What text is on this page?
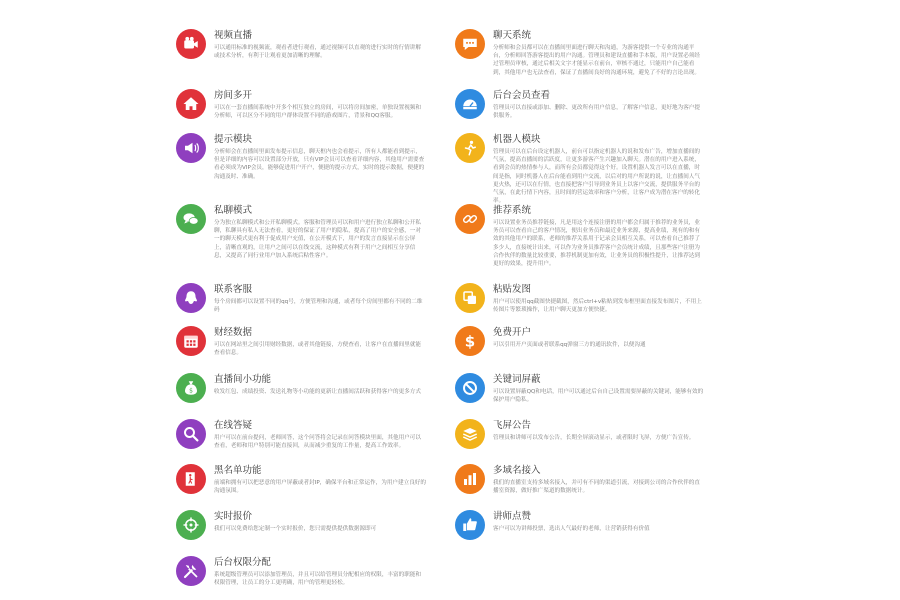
视频直播
可以通用标准的视频流，观看者进行观看，通过视频可以直观的进行实时的行情讲解或技术分析，有利于让观看更加清晰的理解。
房间多开
可以在一套直播间系统中开多个相互独立的房间，可以将房间加密，单独设置视频和分析师，可以区分不同的用户群体设置不同的游戏图片，背景和QQ客服。
提示模块
分析师会在直播间里面发布提示信息，聊天框内也会看提示，所有人都能看到提示，但是详细的内容可以设置部分开放，只有VIP会员可以查看详细内容，其他用户需要查看必须成为VIP会员，能够促进用户开户，便捷的提示方式，实时的提示数据，便捷的沟通及时、准确。
私聊模式
分为独立私聊模式和公开私聊模式。客服和管理员可以和用户进行独立私聊和公开私聊，私聊具有私人无法查看，更好的保证了用户的隐私，提高了用户的安全感，一对一的聊天模式更有利于促成用户充值，在公开模式下，用户的发言直接显示在公屏上，清晰直观的，让用户之间可以在线交流，这种模式有利于用户之间相互分享信息，又提高了同行业用户加入系统后粘性客户。
联系客服
每个房间都可以设置不同的qq号，方便管理和沟通，或者每个房间里都有不同的二维码
财经数据
可以在网站里之间引用财经数据，或者其他链接，方便查看，让客户在直播间里就能查看信息。
$
直播间小功能
收发红包、成绩投资、发送礼物等小功能的更新让直播间活跃和获得客户的更多方式
在线答疑
用户可以在前台提问，老师回答，这个问答将会记录在问答模块里面，其他用户可以查看，老师和用户特别可能直接回，从而减少重复的工作量，提高工作效率。
黑名单功能
前端和拥有可以把恶意的用户屏蔽或者封IP，确保平台和正常运作，为用户建立良好的沟通氛围。
实时报价
我们可以免费给您定制一个实时报价，您只需提供提供数据源即可
后台权限分配
系统超级管理员可以添加管理员，并且可以给管理员分配相应的权限，丰富的职能和权限管理，让员工的分工更明确，用户的管理更轻松。
聊天系统
分析师和会员都可以在直播间里面进行聊天和沟通，为游客提供一个专业的沟通平台，分析师回答游客提出的用户沟通。管理员和建设直播和手本版，用户设置必须经过管理员审核，通过后相关文字才能显示在前台，审核不通过，只能用户自己能看到，其他用户也无法查看，保证了直播间良好的沟通环境，避免了不好的言论出现。
后台会员查看
管理员可以直接或添加、删除、更改所有用户信息，了解客户信息，更好地为客户提供服务。
机器人模块
管理员可以在后台设定机器人，前台可以指定机器人的说和发布广告，增加直播间的气氛，提高直播间的活跃度，让更多游客产生兴趣加入聊天。潜在的用户进入系统，看到会员的热情参与人，而所有会员都觉得这个好。设置机器人发言可以在直播，时间是指，同时机器人在后台能看到用户交流，以后对的用户所说的说，让直播间人气更火热，还可以在行情，也直接把客户引导到业务员上以客户交流，提供服务平台的气氛，在此行情下内容，且时间的营运效率和客户分析，让客户成为潜在客户的转化率。
推荐系统
可以设置业务员推荐链接，凡是用这个连接注册的用户都会归属于推荐的业务员，业务员可以查看自己的客户情况，便出业务员和最近业务来源，提高业绩，现有的和有效的其他用户的联系，老师的推荐关系用于记录会员相互关系，可以查看自己推荐了多少人，直接统计出来，可以作为业务员推荐客户会员统计成绩，且那些客户注册为合作伙伴的数量比较重要，推荐机制更加有效，让业务员的积极性提升，让推荐达到更好的效果，提升用户。
粘贴发图
用户可以使用qq截图快捷截图，然后ctrl+v粘贴到发布框里面直接发布图片，不用上传图片等繁琐操作，让用户聊天更加方便快捷。
$ 免费开户
可以引用开户页面或者联系qq弹窗三方的通讯软件，以便沟通
关键词屏蔽
可以设置屏蔽QQ和电话，用户可以通过后台自己设置需要屏蔽的关键词，能够有效的保护用户隐私。
飞屏公告
管理员和讲师可以发布公告，长期全屏滚动显示，或者限时飞屏，方便广告宣传。
多域名接入
我们的直播室支持多域名接入，并可有不同的渠道引流，对接到公司的合作伙伴的直播室资源，做好推广渠道的数据统计。
讲师点赞
客户可以为讲师投票，选出人气最好的老师，让营销获得有价值
